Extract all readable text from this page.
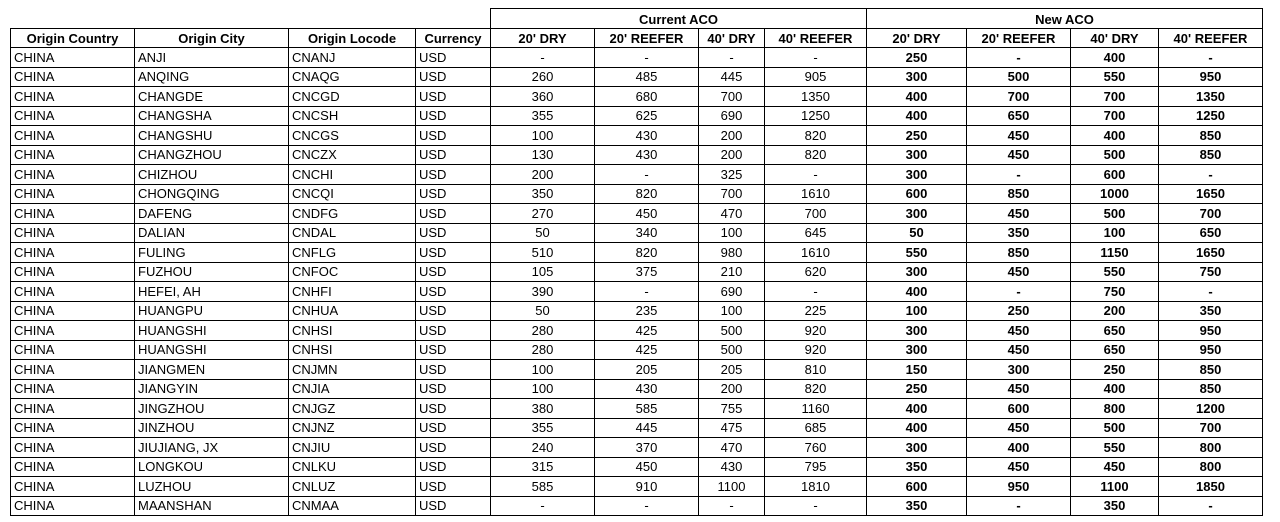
				Current ACO				New ACO			
Origin Country	Origin City	Origin Locode	Currency	20' DRY	20' REEFER	40' DRY	40' REEFER	20' DRY	20' REEFER	40' DRY	40' REEFER
CHINA	ANJI	CNANJ	USD	-	-	-	-	250	-	400	-
CHINA	ANQING	CNAQG	USD	260	485	445	905	300	500	550	950
CHINA	CHANGDE	CNCGD	USD	360	680	700	1350	400	700	700	1350
CHINA	CHANGSHA	CNCSH	USD	355	625	690	1250	400	650	700	1250
CHINA	CHANGSHU	CNCGS	USD	100	430	200	820	250	450	400	850
CHINA	CHANGZHOU	CNCZX	USD	130	430	200	820	300	450	500	850
CHINA	CHIZHOU	CNCHI	USD	200	-	325	-	300	-	600	-
CHINA	CHONGQING	CNCQI	USD	350	820	700	1610	600	850	1000	1650
CHINA	DAFENG	CNDFG	USD	270	450	470	700	300	450	500	700
CHINA	DALIAN	CNDAL	USD	50	340	100	645	50	350	100	650
CHINA	FULING	CNFLG	USD	510	820	980	1610	550	850	1150	1650
CHINA	FUZHOU	CNFOC	USD	105	375	210	620	300	450	550	750
CHINA	HEFEI, AH	CNHFI	USD	390	-	690	-	400	-	750	-
CHINA	HUANGPU	CNHUA	USD	50	235	100	225	100	250	200	350
CHINA	HUANGSHI	CNHSI	USD	280	425	500	920	300	450	650	950
CHINA	HUANGSHI	CNHSI	USD	280	425	500	920	300	450	650	950
CHINA	JIANGMEN	CNJMN	USD	100	205	205	810	150	300	250	850
CHINA	JIANGYIN	CNJIA	USD	100	430	200	820	250	450	400	850
CHINA	JINGZHOU	CNJGZ	USD	380	585	755	1160	400	600	800	1200
CHINA	JINZHOU	CNJNZ	USD	355	445	475	685	400	450	500	700
CHINA	JIUJIANG, JX	CNJIU	USD	240	370	470	760	300	400	550	800
CHINA	LONGKOU	CNLKU	USD	315	450	430	795	350	450	450	800
CHINA	LUZHOU	CNLUZ	USD	585	910	1100	1810	600	950	1100	1850
CHINA	MAANSHAN	CNMAA	USD	-	-	-	-	350	-	350	-
